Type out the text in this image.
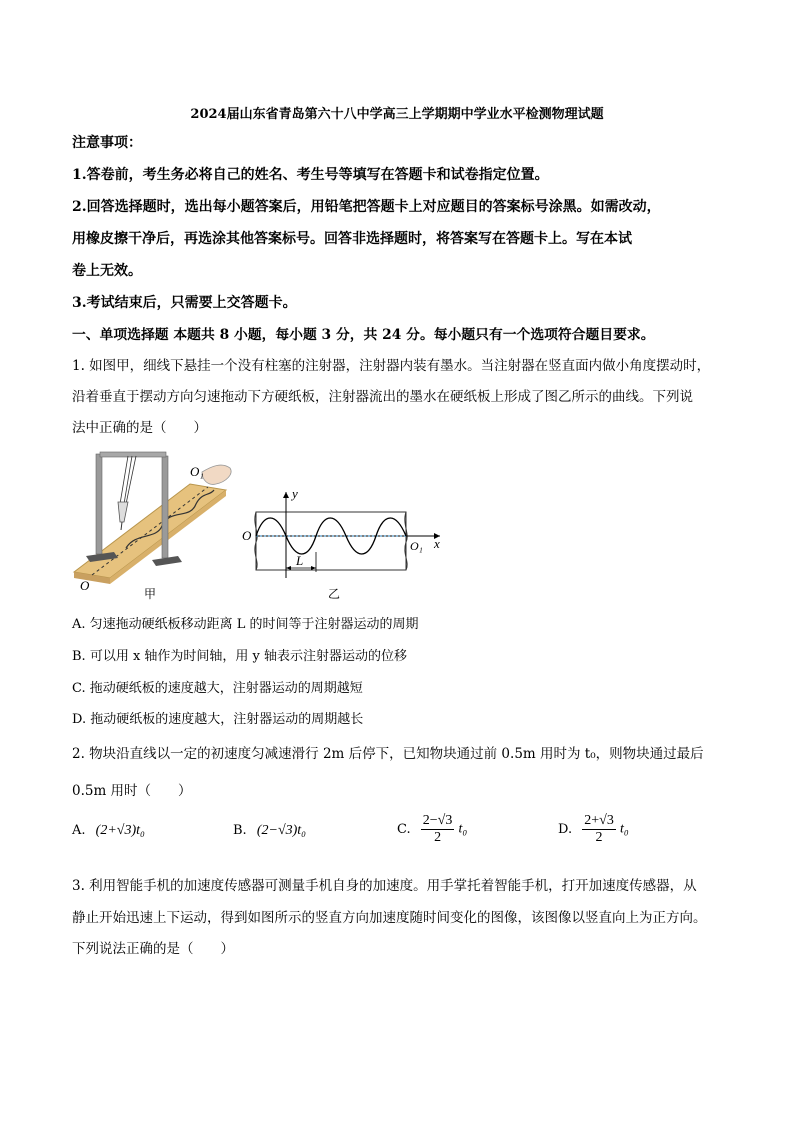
2024届山东省青岛第六十八中学高三上学期期中学业水平检测物理试题
注意事项：
1.答卷前，考生务必将自己的姓名、考生号等填写在答题卡和试卷指定位置。
2.回答选择题时，选出每小题答案后，用铅笔把答题卡上对应题目的答案标号涂黑。如需改动，
用橡皮擦干净后，再选涂其他答案标号。回答非选择题时，将答案写在答题卡上。写在本试
卷上无效。
3.考试结束后，只需要上交答题卡。
一、单项选择题 本题共 8 小题，每小题 3 分，共 24 分。每小题只有一个选项符合题目要求。
1. 如图甲，细线下悬挂一个没有柱塞的注射器，注射器内装有墨水。当注射器在竖直面内做小角度摆动时，
沿着垂直于摆动方向匀速拖动下方硬纸板，注射器流出的墨水在硬纸板上形成了图乙所示的曲线。下列说
法中正确的是（　　）
O₁
O
甲
y
x
O
O₁
L
乙
A. 匀速拖动硬纸板移动距离 L 的时间等于注射器运动的周期
B. 可以用 x 轴作为时间轴，用 y 轴表示注射器运动的位移
C. 拖动硬纸板的速度越大，注射器运动的周期越短
D. 拖动硬纸板的速度越大，注射器运动的周期越长
2. 物块沿直线以一定的初速度匀减速滑行 2m 后停下，已知物块通过前 0.5m 用时为 t₀，则物块通过最后
0.5m 用时（　　）
A. (2+√3)t₀	B. (2−√3)t₀	C. $\frac{2-√3}{2} t_0$	D. $\frac{2+√3}{2} t_0$
3. 利用智能手机的加速度传感器可测量手机自身的加速度。用手掌托着智能手机，打开加速度传感器，从
静止开始迅速上下运动，得到如图所示的竖直方向加速度随时间变化的图像，该图像以竖直向上为正方向。
下列说法正确的是（　　）
